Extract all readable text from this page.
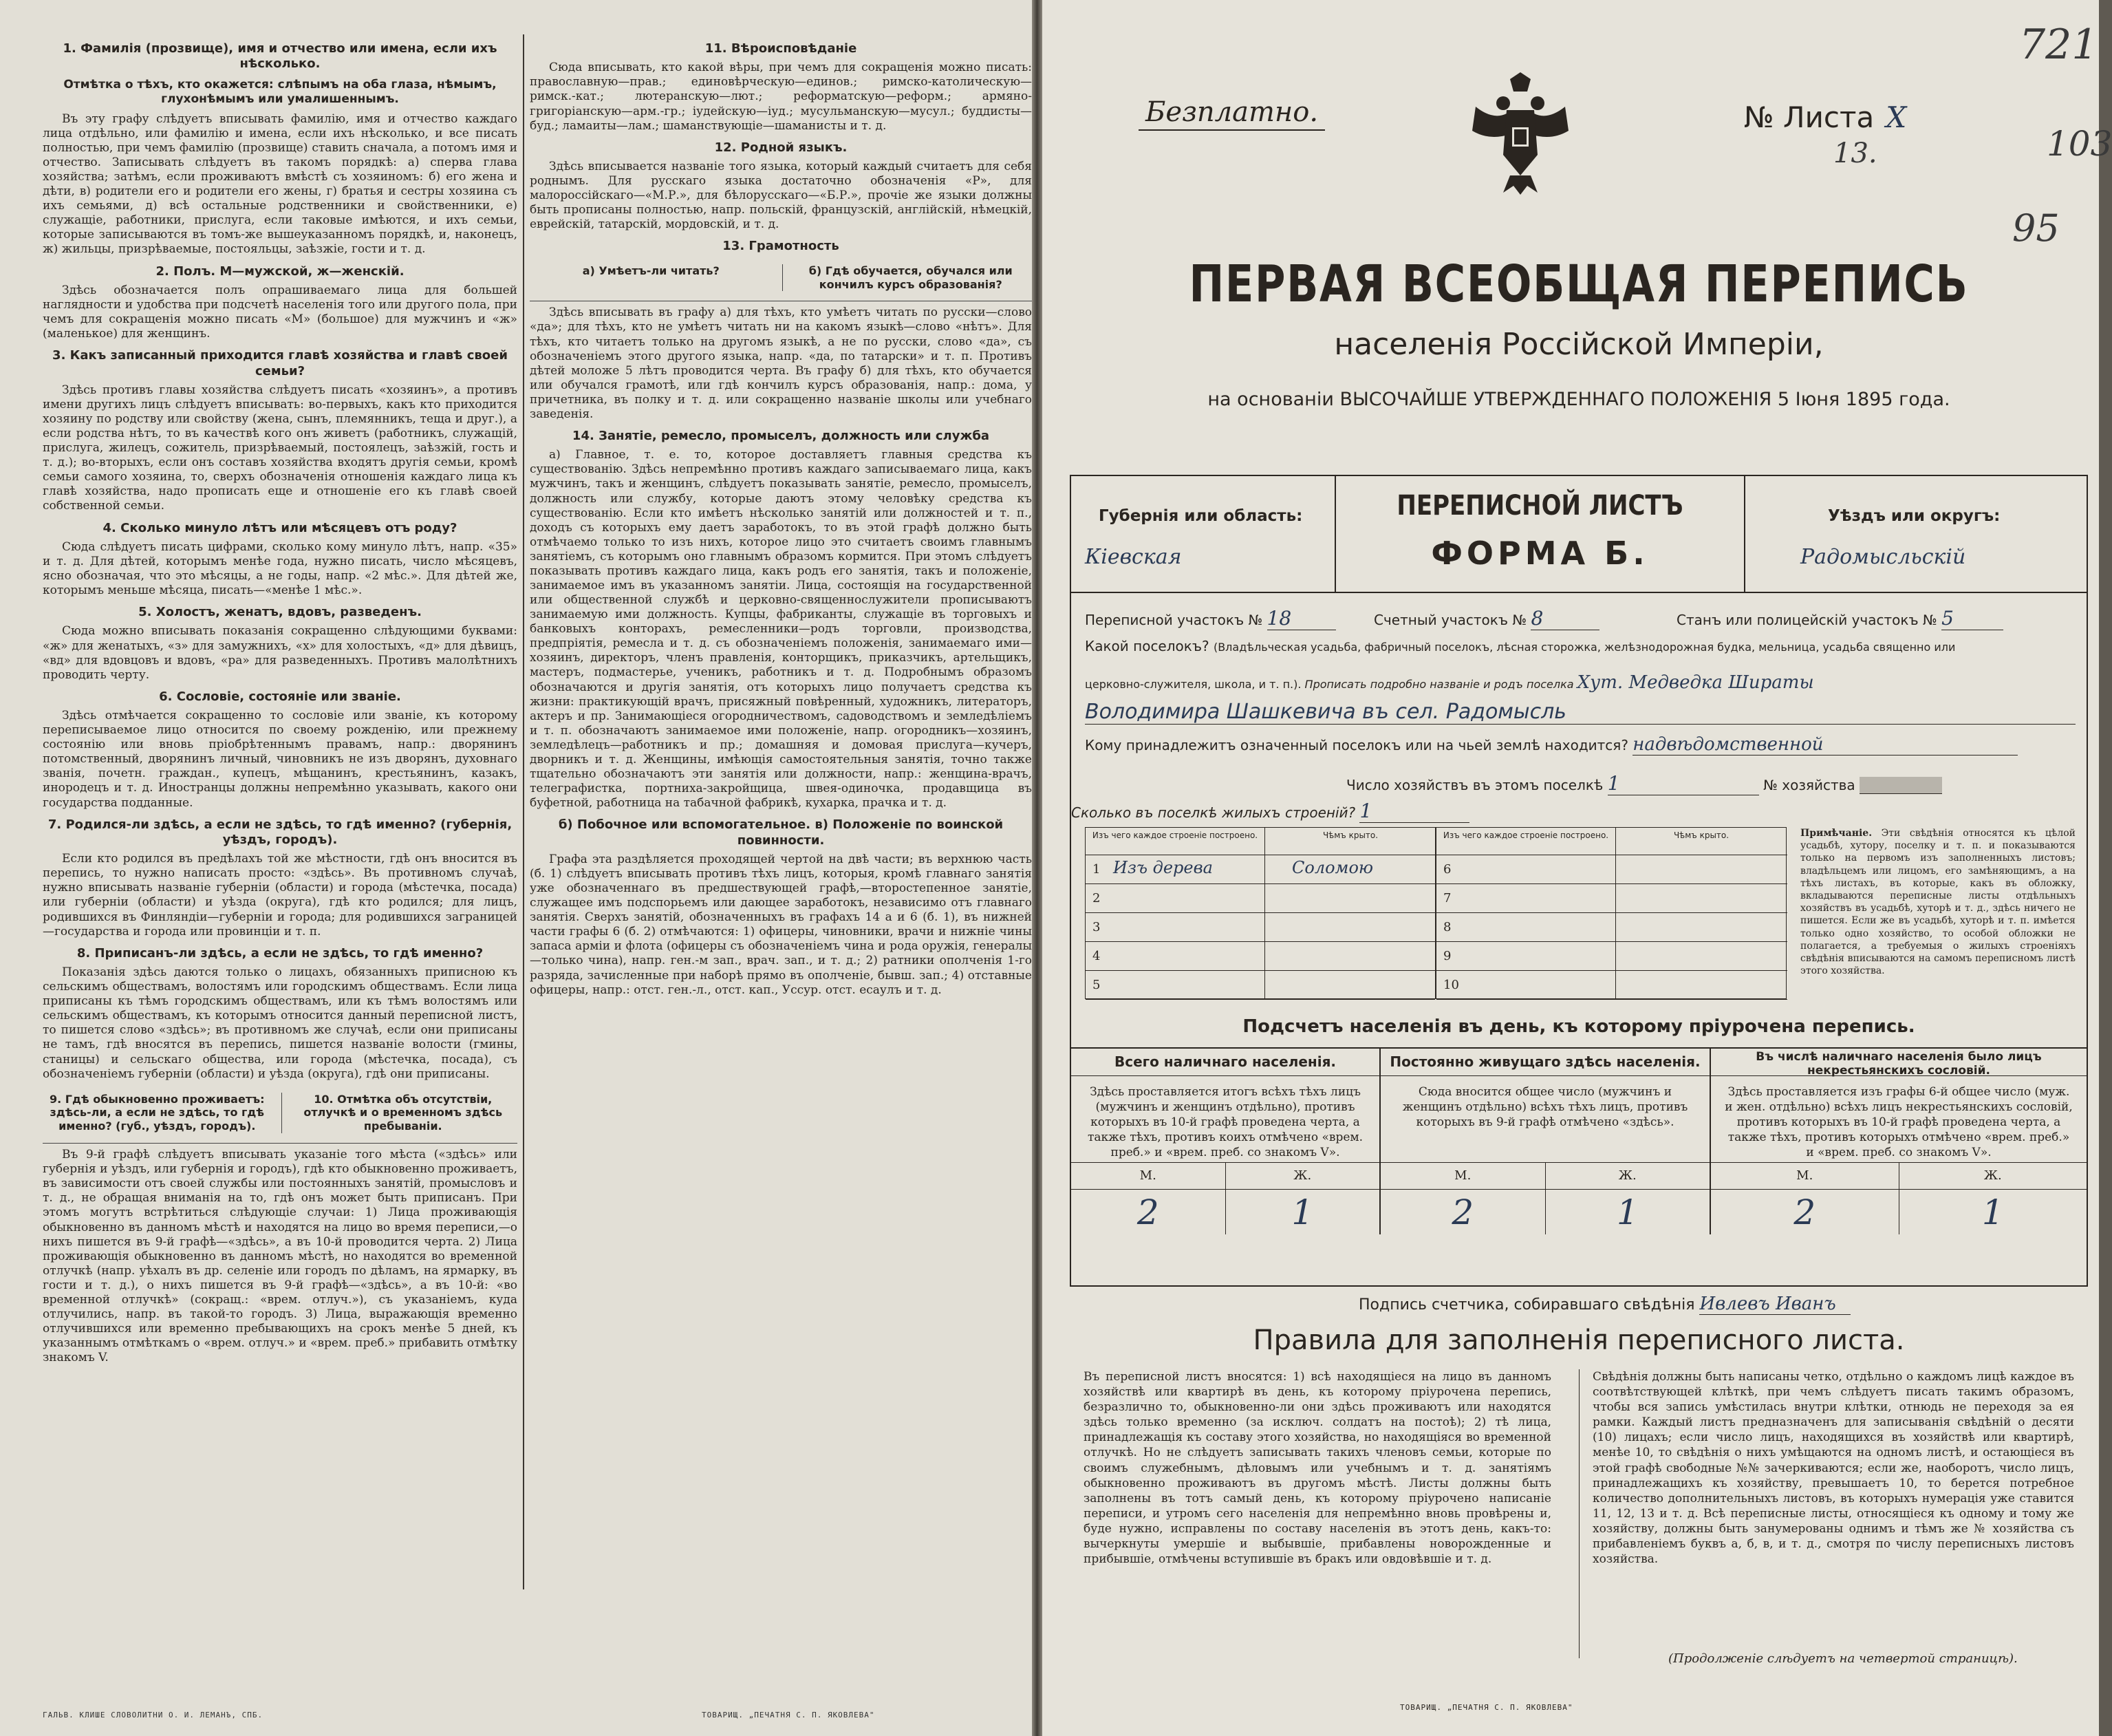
1. Фамилія (прозвище), имя и отчество или имена, если ихъ нѣсколько.
Отмѣтка о тѣхъ, кто окажется: слѣпымъ на оба глаза, нѣмымъ, глухонѣмымъ или умалишеннымъ.
Въ эту графу слѣдуетъ вписывать фамилію, имя и отчество каждаго лица отдѣльно, или фамилію и имена, если ихъ нѣсколько, и все писать полностью, при чемъ фамилію (прозвище) ставить сначала, а потомъ имя и отчество. Записывать слѣдуетъ въ такомъ порядкѣ: а) сперва глава хозяйства; затѣмъ, если проживаютъ вмѣстѣ съ хозяиномъ: б) его жена и дѣти, в) родители его и родители его жены, г) братья и сестры хозяина съ ихъ семьями, д) всѣ остальные родственники и свойственники, е) служащіе, работники, прислуга, если таковые имѣются, и ихъ семьи, которые записываются въ томъ-же вышеуказанномъ порядкѣ, и, наконецъ, ж) жильцы, призрѣваемые, постояльцы, заѣзжіе, гости и т. д.
2. Полъ. М—мужской, ж—женскій.
Здѣсь обозначается полъ опрашиваемаго лица для большей наглядности и удобства при подсчетѣ населенія того или другого пола, при чемъ для сокращенія можно писать «М» (большое) для мужчинъ и «ж» (маленькое) для женщинъ.
3. Какъ записанный приходится главѣ хозяйства и главѣ своей семьи?
Здѣсь противъ главы хозяйства слѣдуетъ писать «хозяинъ», а противъ имени другихъ лицъ слѣдуетъ вписывать: во-первыхъ, какъ кто приходится хозяину по родству или свойству (жена, сынъ, племянникъ, теща и друг.), а если родства нѣтъ, то въ качествѣ кого онъ живетъ (работникъ, служащій, прислуга, жилецъ, сожитель, призрѣваемый, постоялецъ, заѣзжій, гость и т. д.); во-вторыхъ, если онъ составъ хозяйства входятъ другія семьи, кромѣ семьи самого хозяина, то, сверхъ обозначенія отношенія каждаго лица къ главѣ хозяйства, надо прописать еще и отношеніе его къ главѣ своей собственной семьи.
4. Сколько минуло лѣтъ или мѣсяцевъ отъ роду?
Сюда слѣдуетъ писать цифрами, сколько кому минуло лѣтъ, напр. «35» и т. д. Для дѣтей, которымъ менѣе года, нужно писать, число мѣсяцевъ, ясно обозначая, что это мѣсяцы, а не годы, напр. «2 мѣс.». Для дѣтей же, которымъ меньше мѣсяца, писать—«менѣе 1 мѣс.».
5. Холостъ, женатъ, вдовъ, разведенъ.
Сюда можно вписывать показанія сокращенно слѣдующими буквами: «ж» для женатыхъ, «з» для замужнихъ, «х» для холостыхъ, «д» для дѣвицъ, «вд» для вдовцовъ и вдовъ, «ра» для разведенныхъ. Противъ малолѣтнихъ проводить черту.
6. Сословіе, состояніе или званіе.
Здѣсь отмѣчается сокращенно то сословіе или званіе, къ которому переписываемое лицо относится по своему рожденію, или прежнему состоянію или вновь пріобрѣтеннымъ правамъ, напр.: дворянинъ потомственный, дворянинъ личный, чиновникъ не изъ дворянъ, духовнаго званія, почетн. граждан., купецъ, мѣщанинъ, крестьянинъ, казакъ, инородецъ и т. д. Иностранцы должны непремѣнно указывать, какого они государства подданные.
7. Родился-ли здѣсь, а если не здѣсь, то гдѣ именно? (губернія, уѣздъ, городъ).
Если кто родился въ предѣлахъ той же мѣстности, гдѣ онъ вносится въ перепись, то нужно написать просто: «здѣсь». Въ противномъ случаѣ, нужно вписывать названіе губерніи (области) и города (мѣстечка, посада) или губерніи (области) и уѣзда (округа), гдѣ кто родился; для лицъ, родившихся въ Финляндіи—губерніи и города; для родившихся заграницей—государства и города или провинціи и т. п.
8. Приписанъ-ли здѣсь, а если не здѣсь, то гдѣ именно?
Показанія здѣсь даются только о лицахъ, обязанныхъ приписною къ сельскимъ обществамъ, волостямъ или городскимъ обществамъ. Если лица приписаны къ тѣмъ городскимъ обществамъ, или къ тѣмъ волостямъ или сельскимъ обществамъ, къ которымъ относится данный переписной листъ, то пишется слово «здѣсь»; въ противномъ же случаѣ, если они приписаны не тамъ, гдѣ вносятся въ перепись, пишется названіе волости (гмины, станицы) и сельскаго общества, или города (мѣстечка, посада), съ обозначеніемъ губерніи (области) и уѣзда (округа), гдѣ они приписаны.
9. Гдѣ обыкновенно проживаетъ: здѣсь-ли, а если не здѣсь, то гдѣ именно? (губ., уѣздъ, городъ).
10. Отмѣтка объ отсутствіи, отлучкѣ и о временномъ здѣсь пребываніи.
Въ 9-й графѣ слѣдуетъ вписывать указаніе того мѣста («здѣсь» или губернія и уѣздъ, или губернія и городъ), гдѣ кто обыкновенно проживаетъ, въ зависимости отъ своей службы или постоянныхъ занятій, промысловъ и т. д., не обращая вниманія на то, гдѣ онъ может быть приписанъ. При этомъ могутъ встрѣтиться слѣдующіе случаи: 1) Лица проживающія обыкновенно въ данномъ мѣстѣ и находятся на лицо во время переписи,—о нихъ пишется въ 9-й графѣ—«здѣсь», а въ 10-й проводится черта. 2) Лица проживающія обыкновенно въ данномъ мѣстѣ, но находятся во временной отлучкѣ (напр. уѣхалъ въ др. селеніе или городъ по дѣламъ, на ярмарку, въ гости и т. д.), о нихъ пишется въ 9-й графѣ—«здѣсь», а въ 10-й: «во временной отлучкѣ» (сокращ.: «врем. отлуч.»), съ указаніемъ, куда отлучились, напр. въ такой-то городъ. 3) Лица, выражающія временно отлучившихся или временно пребывающихъ на срокъ менѣе 5 дней, къ указаннымъ отмѣткамъ о «врем. отлуч.» и «врем. преб.» прибавить отмѣтку знакомъ V.
11. Вѣроисповѣданіе
Сюда вписывать, кто какой вѣры, при чемъ для сокращенія можно писать: православную—прав.; единовѣрческую—единов.; римско-католическую—римск.-кат.; лютеранскую—лют.; реформатскую—реформ.; армяно-григоріанскую—арм.-гр.; іудейскую—іуд.; мусульманскую—мусул.; буддисты—буд.; ламаиты—лам.; шаманствующіе—шаманисты и т. д.
12. Родной языкъ.
Здѣсь вписывается названіе того языка, который каждый считаетъ для себя роднымъ. Для русскаго языка достаточно обозначенія «Р», для малороссійскаго—«М.Р.», для бѣлорусскаго—«Б.Р.», прочіе же языки должны быть прописаны полностью, напр. польскій, французскій, англійскій, нѣмецкій, еврейскій, татарскій, мордовскій, и т. д.
13. Грамотность
а) Умѣетъ-ли читать?	б) Гдѣ обучается, обучался или кончилъ курсъ образованія?
Здѣсь вписывать въ графу а) для тѣхъ, кто умѣетъ читать по русски—слово «да»; для тѣхъ, кто не умѣетъ читать ни на какомъ языкѣ—слово «нѣтъ». Для тѣхъ, кто читаетъ только на другомъ языкѣ, а не по русски, слово «да», съ обозначеніемъ этого другого языка, напр. «да, по татарски» и т. п. Противъ дѣтей моложе 5 лѣтъ проводится черта. Въ графу б) для тѣхъ, кто обучается или обучался грамотѣ, или гдѣ кончилъ курсъ образованія, напр.: дома, у причетника, въ полку и т. д. или сокращенно названіе школы или учебнаго заведенія.
14. Занятіе, ремесло, промыселъ, должность или служба
а) Главное, т. е. то, которое доставляетъ главныя средства къ существованію. Здѣсь непремѣнно противъ каждаго записываемаго лица, какъ мужчинъ, такъ и женщинъ, слѣдуетъ показывать занятіе, ремесло, промыселъ, должность или службу, которые даютъ этому человѣку средства къ существованію. Если кто имѣетъ нѣсколько занятій или должностей и т. п., доходъ съ которыхъ ему даетъ заработокъ, то въ этой графѣ должно быть отмѣчаемо только то изъ нихъ, которое лицо это считаетъ своимъ главнымъ занятіемъ, съ которымъ оно главнымъ образомъ кормится. При этомъ слѣдуетъ показывать противъ каждаго лица, какъ родъ его занятія, такъ и положеніе, занимаемое имъ въ указанномъ занятіи. Лица, состоящія на государственной или общественной службѣ и церковно-священнослужители прописываютъ занимаемую ими должность. Купцы, фабриканты, служащіе въ торговыхъ и банковыхъ конторахъ, ремесленники—родъ торговли, производства, предпріятія, ремесла и т. д. съ обозначеніемъ положенія, занимаемаго ими—хозяинъ, директоръ, членъ правленія, конторщикъ, приказчикъ, артельщикъ, мастеръ, подмастерье, ученикъ, работникъ и т. д. Подробнымъ образомъ обозначаются и другія занятія, отъ которыхъ лицо получаетъ средства къ жизни: практикующій врачъ, присяжный повѣренный, художникъ, литераторъ, актеръ и пр. Занимающіеся огородничествомъ, садоводствомъ и земледѣліемъ и т. п. обозначаютъ занимаемое ими положеніе, напр. огородникъ—хозяинъ, земледѣлецъ—работникъ и пр.; домашняя и домовая прислуга—кучеръ, дворникъ и т. д. Женщины, имѣющія самостоятельныя занятія, точно также тщательно обозначаютъ эти занятія или должности, напр.: женщина-врачъ, телеграфистка, портниха-закройщица, швея-одиночка, продавщица въ буфетной, работница на табачной фабрикѣ, кухарка, прачка и т. д.
б) Побочное или вспомогательное. в) Положеніе по воинской повинности.
Графа эта раздѣляется проходящей чертой на двѣ части; въ верхнюю часть (б. 1) слѣдуетъ вписывать противъ тѣхъ лицъ, которыя, кромѣ главнаго занятія уже обозначеннаго въ предшествующей графѣ,—второстепенное занятіе, служащее имъ подспорьемъ или дающее заработокъ, независимо отъ главнаго занятія. Сверхъ занятій, обозначенныхъ въ графахъ 14 а и 6 (б. 1), въ нижней части графы 6 (б. 2) отмѣчаются: 1) офицеры, чиновники, врачи и нижніе чины запаса арміи и флота (офицеры съ обозначеніемъ чина и рода оружія, генералы—только чина), напр. ген.-м зап., врач. зап., и т. д.; 2) ратники ополченія 1-го разряда, зачисленные при наборѣ прямо въ ополченіе, бывш. зап.; 4) отставные офицеры, напр.: отст. ген.-л., отст. кап., Уссур. отст. есаулъ и т. д.
ГАЛЬВ. КЛИШЕ СЛОВОЛИТНИ О. И. ЛЕМАНЪ, СПБ.	ТОВАРИЩ. „ПЕЧАТНЯ С. П. ЯКОВЛЕВА"
Безплатно.	№ Листа Х
13.
721
103
95
ПЕРВАЯ ВСЕОБЩАЯ ПЕРЕПИСЬ
населенія Россійской Имперіи,
на основаніи ВЫСОЧАЙШЕ УТВЕРЖДЕННАГО ПОЛОЖЕНІЯ 5 Іюня 1895 года.
Губернія или область:
Кіевская
ПЕРЕПИСНОЙ ЛИСТЪ
ФОРМА Б.
Уѣздъ или округъ:
Радомысльскій
Переписной участокъ № 18	Счетный участокъ № 8	Станъ или полицейскій участокъ № 5
Какой поселокъ? (Владѣльческая усадьба, фабричный поселокъ, лѣсная сторожка, желѣзнодорожная будка, мельница, усадьба священно или
церковно-служителя, школа, и т. п.). Прописать подробно названіе и родъ поселка Хут. Медведка Шираты
Володимира Шашкевича въ сел. Радомысль
Кому принадлежитъ означенный поселокъ или на чьей землѣ находится? надвѣдомственной
Число хозяйствъ въ этомъ поселкѣ 1	№ хозяйства
Сколько въ поселкѣ жилыхъ строеній? 1
Изъ чего каждое строеніе построено.	Чѣмъ крыто.
1 Изъ дерева	Соломою
2
3
4
5
Изъ чего каждое строеніе построено.	Чѣмъ крыто.
6
7
8
9
10
Примѣчаніе. Эти свѣдѣнія относятся къ цѣлой усадьбѣ, хутору, поселку и т. п. и показываются только на первомъ изъ заполненныхъ листовъ; владѣльцемъ или лицомъ, его замѣняющимъ, а на тѣхъ листахъ, въ которые, какъ въ обложку, вкладываются переписные листы отдѣльныхъ хозяйствъ въ усадьбѣ, хуторѣ и т. д., здѣсь ничего не пишется. Если же въ усадьбѣ, хуторѣ и т. п. имѣется только одно хозяйство, то особой обложки не полагается, а требуемыя о жилыхъ строеніяхъ свѣдѣнія вписываются на самомъ переписномъ листѣ этого хозяйства.
Подсчетъ населенія въ день, къ которому пріурочена перепись.
Всего наличнаго населенія.
Здѣсь проставляется итогъ всѣхъ тѣхъ лицъ (мужчинъ и женщинъ отдѣльно), противъ которыхъ въ 10-й графѣ проведена черта, а также тѣхъ, противъ коихъ отмѣчено «врем. преб.» и «врем. преб. со знакомъ V».
М.	Ж.
2	1
Постоянно живущаго здѣсь населенія.
Сюда вносится общее число (мужчинъ и женщинъ отдѣльно) всѣхъ тѣхъ лицъ, противъ которыхъ въ 9-й графѣ отмѣчено «здѣсь».
М.	Ж.
2	1
Въ числѣ наличнаго населенія было лицъ некрестьянскихъ сословій.
Здѣсь проставляется изъ графы 6-й общее число (муж. и жен. отдѣльно) всѣхъ лицъ некрестьянскихъ сословій, противъ которыхъ въ 10-й графѣ проведена черта, а также тѣхъ, противъ которыхъ отмѣчено «врем. преб.» и «врем. преб. со знакомъ V».
М.	Ж.
2	1
Подпись счетчика, собиравшаго свѣдѣнія Ивлевъ Иванъ
Правила для заполненія переписного листа.
Въ переписной листъ вносятся: 1) всѣ находящіеся на лицо въ данномъ хозяйствѣ или квартирѣ въ день, къ которому пріурочена перепись, безразлично то, обыкновенно-ли они здѣсь проживаютъ или находятся здѣсь только временно (за исключ. солдатъ на постоѣ); 2) тѣ лица, принадлежащія къ составу этого хозяйства, но находящіяся во временной отлучкѣ. Но не слѣдуетъ записывать такихъ членовъ семьи, которые по своимъ служебнымъ, дѣловымъ или учебнымъ и т. д. занятіямъ обыкновенно проживаютъ въ другомъ мѣстѣ. Листы должны быть заполнены въ тотъ самый день, къ которому пріурочено написаніе переписи, и утромъ сего населенія для непремѣнно вновь провѣрены и, буде нужно, исправлены по составу населенія въ этотъ день, какъ-то: вычеркнуты умершіе и выбывшіе, прибавлены новорожденные и прибывшіе, отмѣчены вступившіе въ бракъ или овдовѣвшіе и т. д.
Свѣдѣнія должны быть написаны четко, отдѣльно о каждомъ лицѣ каждое въ соотвѣтствующей клѣткѣ, при чемъ слѣдуетъ писать такимъ образомъ, чтобы вся запись умѣстилась внутри клѣтки, отнюдь не переходя за ея рамки. Каждый листъ предназначенъ для записыванія свѣдѣній о десяти (10) лицахъ; если число лицъ, находящихся въ хозяйствѣ или квартирѣ, менѣе 10, то свѣдѣнія о нихъ умѣщаются на одномъ листѣ, и остающіеся въ этой графѣ свободные №№ зачеркиваются; если же, наоборотъ, число лицъ, принадлежащихъ къ хозяйству, превышаетъ 10, то берется потребное количество дополнительныхъ листовъ, въ которыхъ нумерація уже ставится 11, 12, 13 и т. д. Всѣ переписные листы, относящіеся къ одному и тому же хозяйству, должны быть занумерованы однимъ и тѣмъ же № хозяйства съ прибавленіемъ буквъ а, б, в, и т. д., смотря по числу переписныхъ листовъ хозяйства.
(Продолженіе слѣдуетъ на четвертой страницѣ).
ТОВАРИЩ. „ПЕЧАТНЯ С. П. ЯКОВЛЕВА"
